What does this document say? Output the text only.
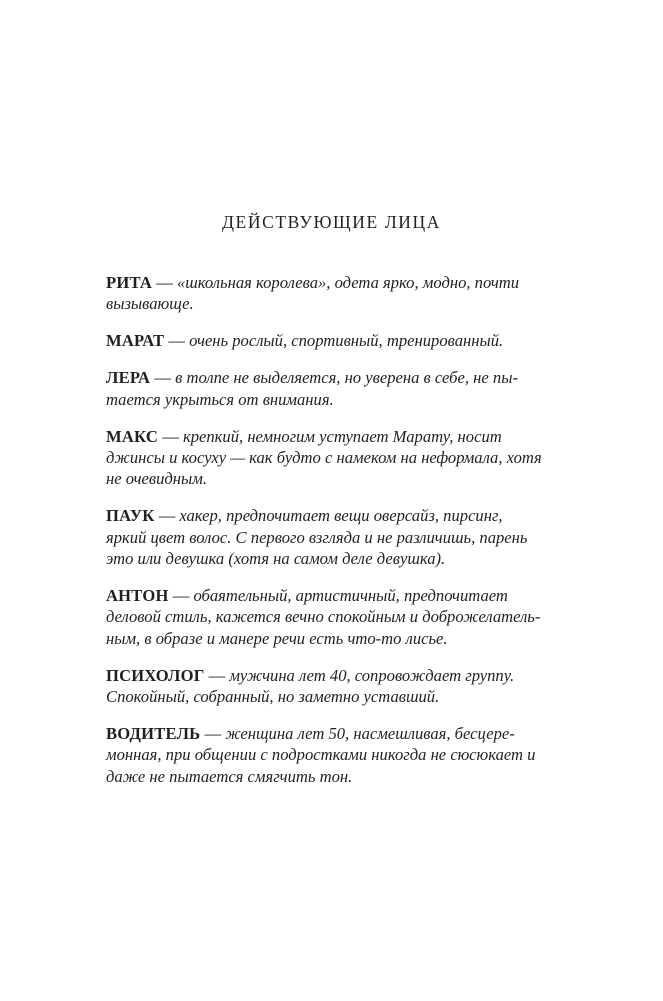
ДЕЙСТВУЮЩИЕ ЛИЦА
РИТА — «школьная королева», одета ярко, модно, почти
вызывающе.
МАРАТ — очень рослый, спортивный, тренированный.
ЛЕРА — в толпе не выделяется, но уверена в себе, не пы-
тается укрыться от внимания.
МАКС — крепкий, немногим уступает Марату, носит
джинсы и косуху — как будто с намеком на неформала, хотя
не очевидным.
ПАУК — хакер, предпочитает вещи оверсайз, пирсинг,
яркий цвет волос. С первого взгляда и не различишь, парень
это или девушка (хотя на самом деле девушка).
АНТОН — обаятельный, артистичный, предпочитает
деловой стиль, кажется вечно спокойным и доброжелатель-
ным, в образе и манере речи есть что-то лисье.
ПСИХОЛОГ — мужчина лет 40, сопровождает группу.
Спокойный, собранный, но заметно уставший.
ВОДИТЕЛЬ — женщина лет 50, насмешливая, бесцере-
монная, при общении с подростками никогда не сюсюкает и
даже не пытается смягчить тон.
